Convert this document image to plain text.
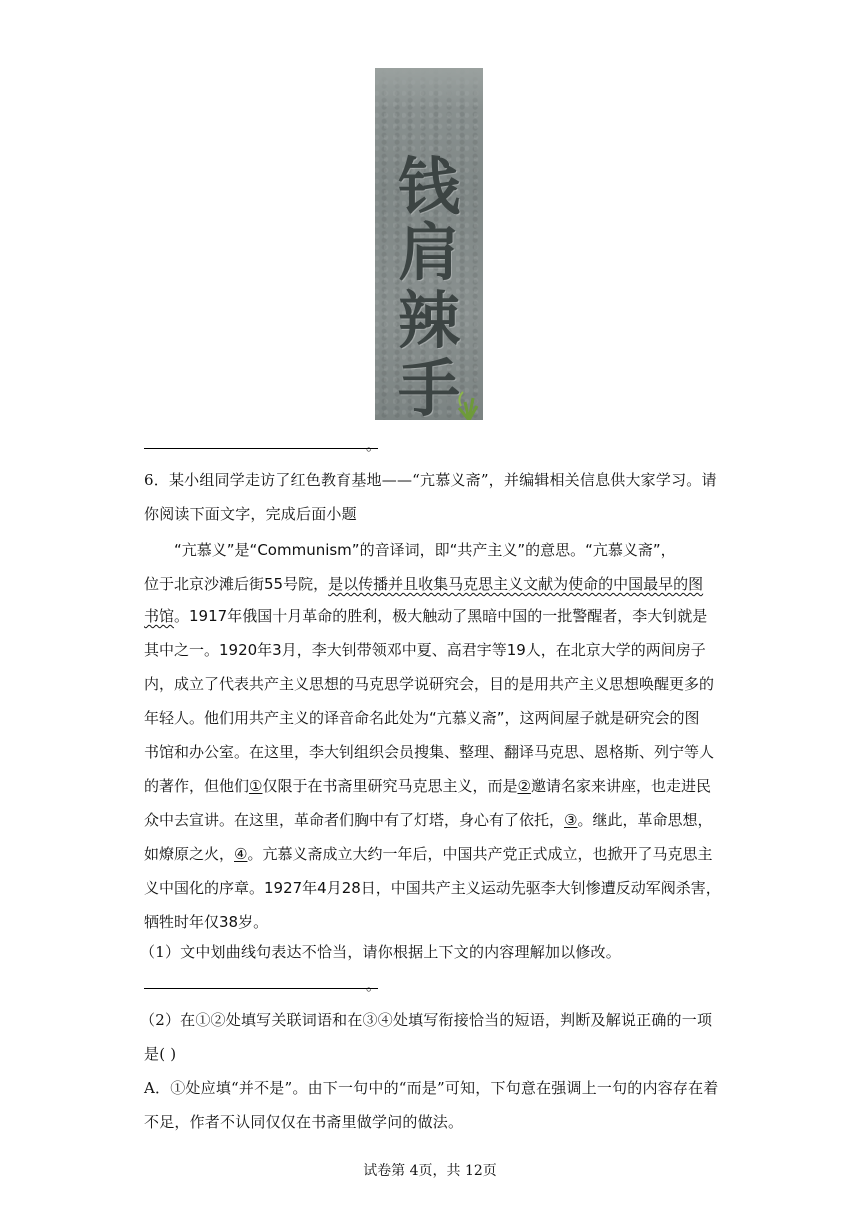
钱
肩
辣
手
。
6．某小组同学走访了红色教育基地——“亢慕义斋”，并编辑相关信息供大家学习。请
你阅读下面文字，完成后面小题
“亢慕义”是“Communism”的音译词，即“共产主义”的意思。“亢慕义斋”，
位于北京沙滩后街55号院，是以传播并且收集马克思主义文献为使命的中国最早的图
书馆。1917年俄国十月革命的胜利，极大触动了黑暗中国的一批警醒者，李大钊就是
其中之一。1920年3月，李大钊带领邓中夏、高君宇等19人，在北京大学的两间房子
内，成立了代表共产主义思想的马克思学说研究会，目的是用共产主义思想唤醒更多的
年轻人。他们用共产主义的译音命名此处为“亢慕义斋”，这两间屋子就是研究会的图
书馆和办公室。在这里，李大钊组织会员搜集、整理、翻译马克思、恩格斯、列宁等人
的著作，但他们①仅限于在书斋里研究马克思主义，而是②邀请名家来讲座，也走进民
众中去宣讲。在这里，革命者们胸中有了灯塔，身心有了依托，③。继此，革命思想，
如燎原之火，④。亢慕义斋成立大约一年后，中国共产党正式成立，也掀开了马克思主
义中国化的序章。1927年4月28日，中国共产主义运动先驱李大钊惨遭反动军阀杀害，
牺牲时年仅38岁。
（1）文中划曲线句表达不恰当，请你根据上下文的内容理解加以修改。
。
（2）在①②处填写关联词语和在③④处填写衔接恰当的短语，判断及解说正确的一项
是( )
A．①处应填“并不是”。由下一句中的“而是”可知，下句意在强调上一句的内容存在着
不足，作者不认同仅仅在书斋里做学问的做法。
试卷第 4页，共 12页
